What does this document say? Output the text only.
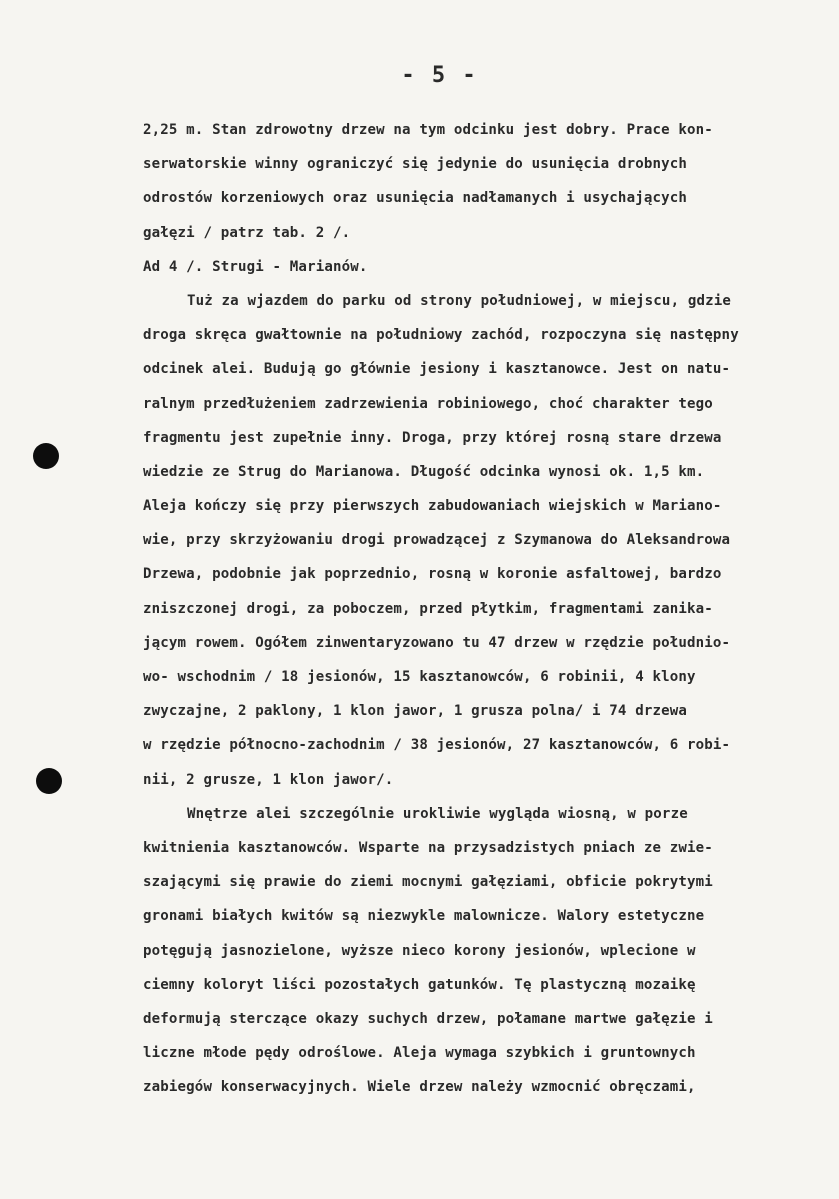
- 5 -
2,25 m. Stan zdrowotny drzew na tym odcinku jest dobry. Prace kon-
serwatorskie winny ograniczyć się jedynie do usunięcia drobnych
odrostów korzeniowych oraz usunięcia nadłamanych i usychających
gałęzi / patrz tab. 2 /.
Ad 4 /. Strugi - Marianów.
Tuż za wjazdem do parku od strony południowej, w miejscu, gdzie
droga skręca gwałtownie na południowy zachód, rozpoczyna się następny
odcinek alei. Budują go głównie jesiony i kasztanowce. Jest on natu-
ralnym przedłużeniem zadrzewienia robiniowego, choć charakter tego
fragmentu jest zupełnie inny. Droga, przy której rosną stare drzewa
wiedzie ze Strug do Marianowa. Długość odcinka wynosi ok. 1,5 km.
Aleja kończy się przy pierwszych zabudowaniach wiejskich w Mariano-
wie, przy skrzyżowaniu drogi prowadzącej z Szymanowa do Aleksandrowa
Drzewa, podobnie jak poprzednio, rosną w koronie asfaltowej, bardzo
zniszczonej drogi, za poboczem, przed płytkim, fragmentami zanika-
jącym rowem. Ogółem zinwentaryzowano tu 47 drzew w rzędzie południo-
wo- wschodnim / 18 jesionów, 15 kasztanowców, 6 robinii, 4 klony
zwyczajne, 2 paklony, 1 klon jawor, 1 grusza polna/ i 74 drzewa
w rzędzie północno-zachodnim / 38 jesionów, 27 kasztanowców, 6 robi-
nii, 2 grusze, 1 klon jawor/.
Wnętrze alei szczególnie urokliwie wygląda wiosną, w porze
kwitnienia kasztanowców. Wsparte na przysadzistych pniach ze zwie-
szającymi się prawie do ziemi mocnymi gałęziami, obficie pokrytymi
gronami białych kwitów są niezwykle malownicze. Walory estetyczne
potęgują jasnozielone, wyższe nieco korony jesionów, wplecione w
ciemny koloryt liści pozostałych gatunków. Tę plastyczną mozaikę
deformują sterczące okazy suchych drzew, połamane martwe gałęzie i
liczne młode pędy odroślowe. Aleja wymaga szybkich i gruntownych
zabiegów konserwacyjnych. Wiele drzew należy wzmocnić obręczami,
